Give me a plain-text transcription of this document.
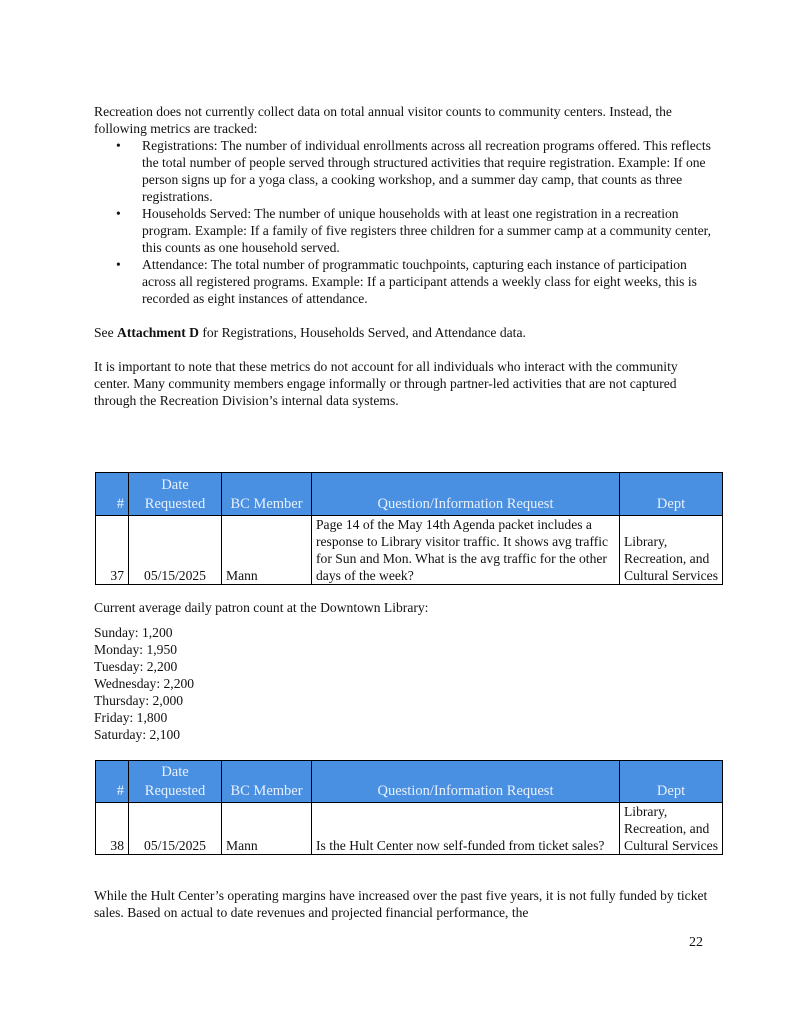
Recreation does not currently collect data on total annual visitor counts to community centers. Instead, the following metrics are tracked:

• Registrations: The number of individual enrollments across all recreation programs offered. This reflects the total number of people served through structured activities that require registration. Example: If one person signs up for a yoga class, a cooking workshop, and a summer day camp, that counts as three registrations.
• Households Served: The number of unique households with at least one registration in a recreation program. Example: If a family of five registers three children for a summer camp at a community center, this counts as one household served.
• Attendance: The total number of programmatic touchpoints, capturing each instance of participation across all registered programs. Example: If a participant attends a weekly class for eight weeks, this is recorded as eight instances of attendance.

See Attachment D for Registrations, Households Served, and Attendance data.

It is important to note that these metrics do not account for all individuals who interact with the community center. Many community members engage informally or through partner-led activities that are not captured through the Recreation Division’s internal data systems.

#	Date Requested	BC Member	Question/Information Request	Dept
37	05/15/2025	Mann	Page 14 of the May 14th Agenda packet includes a response to Library visitor traffic. It shows avg traffic for Sun and Mon. What is the avg traffic for the other days of the week?	Library, Recreation, and Cultural Services

Current average daily patron count at the Downtown Library:

Sunday: 1,200
Monday: 1,950
Tuesday: 2,200
Wednesday: 2,200
Thursday: 2,000
Friday: 1,800
Saturday: 2,100
#	Date Requested	BC Member	Question/Information Request	Dept
38	05/15/2025	Mann	Is the Hult Center now self-funded from ticket sales?	Library, Recreation, and Cultural Services
While the Hult Center’s operating margins have increased over the past five years, it is not fully funded by ticket sales. Based on actual to date revenues and projected financial performance, the
22
